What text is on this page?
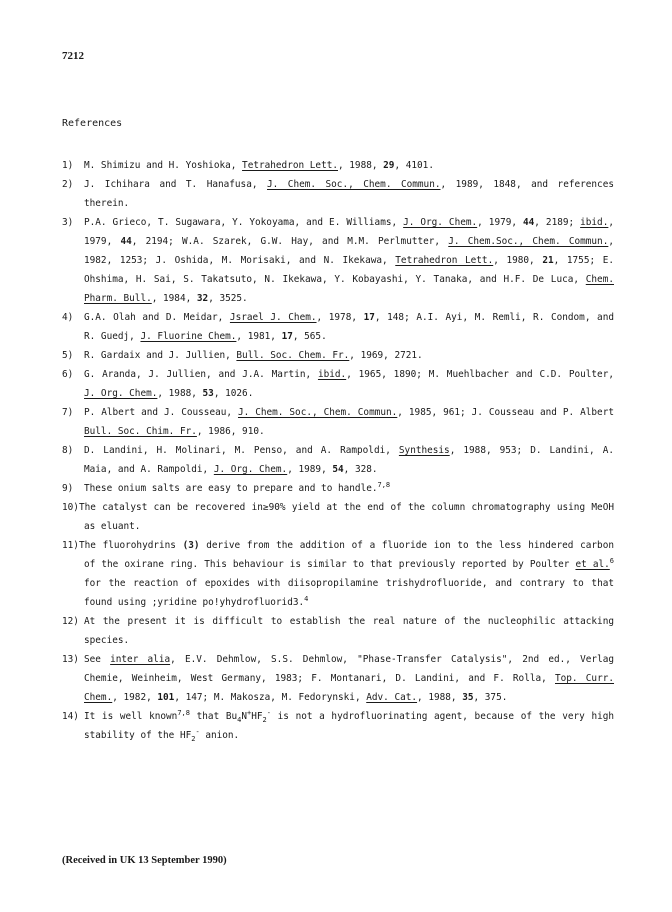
7212
References
1) M. Shimizu and H. Yoshioka, Tetrahedron Lett., 1988, 29, 4101.
2) J. Ichihara and T. Hanafusa, J. Chem. Soc., Chem. Commun., 1989, 1848, and references therein.
3) P.A. Grieco, T. Sugawara, Y. Yokoyama, and E. Williams, J. Org. Chem., 1979, 44, 2189; ibid., 1979, 44, 2194; W.A. Szarek, G.W. Hay, and M.M. Perlmutter, J. Chem.Soc., Chem. Commun., 1982, 1253; J. Oshida, M. Morisaki, and N. Ikekawa, Tetrahedron Lett., 1980, 21, 1755; E. Ohshima, H. Sai, S. Takatsuto, N. Ikekawa, Y. Kobayashi, Y. Tanaka, and H.F. De Luca, Chem. Pharm. Bull., 1984, 32, 3525.
4) G.A. Olah and D. Meidar, Jsrael J. Chem., 1978, 17, 148; A.I. Ayi, M. Remli, R. Condom, and R. Guedj, J. Fluorine Chem., 1981, 17, 565.
5) R. Gardaix and J. Jullien, Bull. Soc. Chem. Fr., 1969, 2721.
6) G. Aranda, J. Jullien, and J.A. Martin, ibid., 1965, 1890; M. Muehlbacher and C.D. Poulter, J. Org. Chem., 1988, 53, 1026.
7) P. Albert and J. Cousseau, J. Chem. Soc., Chem. Commun., 1985, 961; J. Cousseau and P. Albert Bull. Soc. Chim. Fr., 1986, 910.
8) D. Landini, H. Molinari, M. Penso, and A. Rampoldi, Synthesis, 1988, 953; D. Landini, A. Maia, and A. Rampoldi, J. Org. Chem., 1989, 54, 328.
9) These onium salts are easy to prepare and to handle.$^{7,8}$
10)The catalyst can be recovered in≥90% yield at the end of the column chromatography using MeOH as eluant.
11)The fluorohydrins (3) derive from the addition of a fluoride ion to the less hindered carbon of the oxirane ring. This behaviour is similar to that previously reported by Poulter et al.$^6$ for the reaction of epoxides with diisopropilamine trishydrofluoride, and contrary to that found using ;yridine po!yhydrofluorid3.$^4$
12) At the present it is difficult to establish the real nature of the nucleophilic attacking species.
13) See inter alia, E.V. Dehmlow, S.S. Dehmlow, "Phase-Transfer Catalysis", 2nd ed., Verlag Chemie, Weinheim, West Germany, 1983; F. Montanari, D. Landini, and F. Rolla, Top. Curr. Chem., 1982, 101, 147; M. Makosza, M. Fedorynski, Adv. Cat., 1988, 35, 375.
14) It is well known$^{7,8}$ that $Bu_4N^+HF_2^-$ is not a hydrofluorinating agent, because of the very high stability of the $HF_2^-$ anion.
(Received in UK 13 September 1990)
